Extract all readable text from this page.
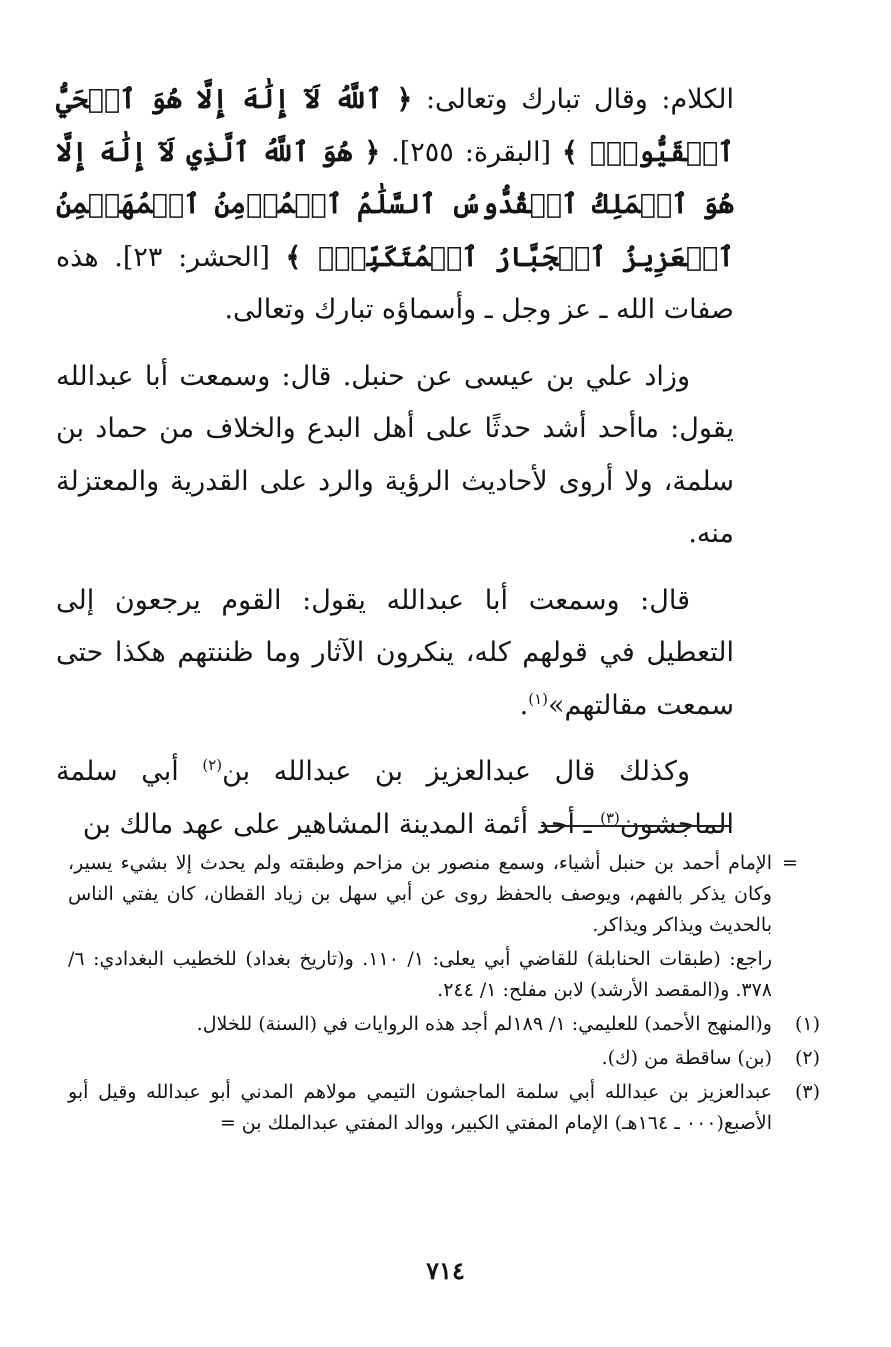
الكلام: وقال تبارك وتعالى: ﴿ ٱللَّهُ لَآ إِلَٰهَ إِلَّا هُوَ ٱلۡحَيُّ ٱلۡقَيُّومُۚ ﴾ [البقرة: ٢٥٥]. ﴿ هُوَ ٱللَّهُ ٱلَّذِي لَآ إِلَٰهَ إِلَّا هُوَ ٱلۡمَلِكُ ٱلۡقُدُّوسُ ٱلسَّلَٰمُ ٱلۡمُؤۡمِنُ ٱلۡمُهَيۡمِنُ ٱلۡعَزِيزُ ٱلۡجَبَّارُ ٱلۡمُتَكَبِّرُۚ ﴾ [الحشر: ٢٣]. هذه صفات الله ـ عز وجل ـ وأسماؤه تبارك وتعالى.

وزاد علي بن عيسى عن حنبل. قال: وسمعت أبا عبدالله يقول: ماأحد أشد حدثًا على أهل البدع والخلاف من حماد بن سلمة، ولا أروى لأحاديث الرؤية والرد على القدرية والمعتزلة منه.

قال: وسمعت أبا عبدالله يقول: القوم يرجعون إلى التعطيل في قولهم كله، ينكرون الآثار وما ظننتهم هكذا حتى سمعت مقالتهم»$^{(١)}$.

وكذلك قال عبدالعزيز بن عبدالله بن$^{(٢)}$ أبي سلمة الماجشون$^{(٣)}$ ـ أحد أئمة المدينة المشاهير على عهد مالك بن

=
الإمام أحمد بن حنبل أشياء، وسمع منصور بن مزاحم وطبقته ولم يحدث إلا بشيء يسير، وكان يذكر بالفهم، ويوصف بالحفظ روى عن أبي سهل بن زياد القطان، كان يفتي الناس بالحديث ويذاكر ويذاكر.
راجع: (طبقات الحنابلة) للقاضي أبي يعلى: ١/ ١١٠. و(تاريخ بغداد) للخطيب البغدادي: ٦/ ٣٧٨. و(المقصد الأرشد) لابن مفلح: ١/ ٢٤٤.
(١)
و(المنهج الأحمد) للعليمي: ١/ ١٨٩لم أجد هذه الروايات في (السنة) للخلال.
(٢)
(بن) ساقطة من (ك).
(٣)
عبدالعزيز بن عبدالله أبي سلمة الماجشون التيمي مولاهم المدني أبو عبدالله وقيل أبو الأصبع(٠٠٠ ـ ١٦٤هـ) الإمام المفتي الكبير، ووالد المفتي عبدالملك بن =
٧١٤
